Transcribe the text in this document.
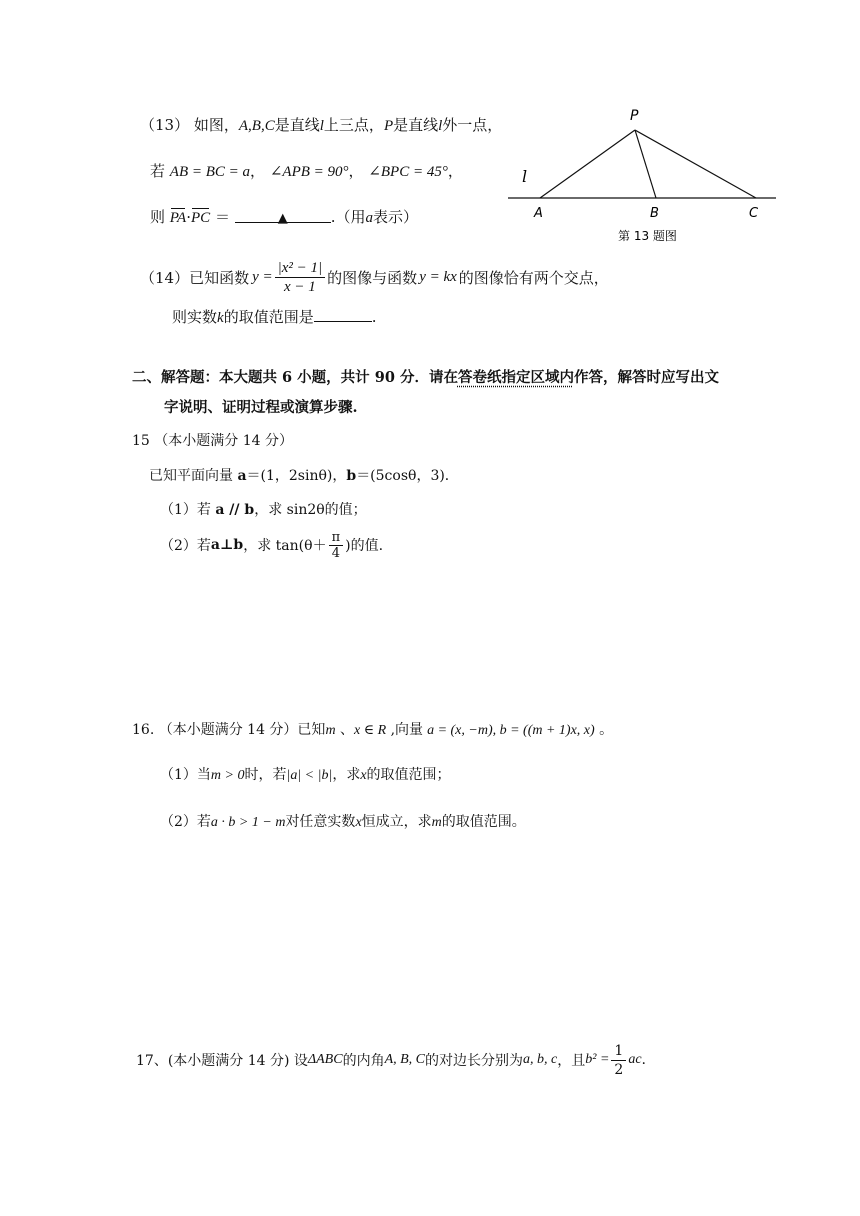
（13） 如图，A,B,C是直线l上三点，P是直线l外一点，
若 AB = BC = a， ∠APB = 90°， ∠BPC = 45°，
则 PA·PC ＝	▲	.（用a表示）
P
l
A	B	C
第 13 题图
（14） 已知函数 $y = \frac{\text{|x² − 1|}}{x - 1}$ 的图像与函数 y = kx 的图像恰有两个交点，
则实数k的取值范围是	.
二、解答题：本大题共 6 小题，共计 90 分．请在答卷纸指定区域内作答，解答时应写出文
字说明、证明过程或演算步骤.
15 （本小题满分 14 分）
已知平面向量 a＝(1，2sinθ)，b＝(5cosθ，3)．
（1）若 a // b，求 sin2θ的值；
（2）若 a⊥b ，求 $\tan(\theta+ \frac{\pi}{4}$ )的值.
16. （本小题满分 14 分）已知m 、x ∈ R ,向量 a = (x, −m), b = ((m + 1)x, x) 。
（1）当m > 0时，若|a| < |b|，求x的取值范围；
（2）若a · b > 1 − m对任意实数x恒成立，求m的取值范围。
17、(本小题满分 14 分) 设 ΔABC 的内角 A, B, C 的对边长分别为 a, b, c ，且 $b^2 = \frac{1}{2}$ ac .
